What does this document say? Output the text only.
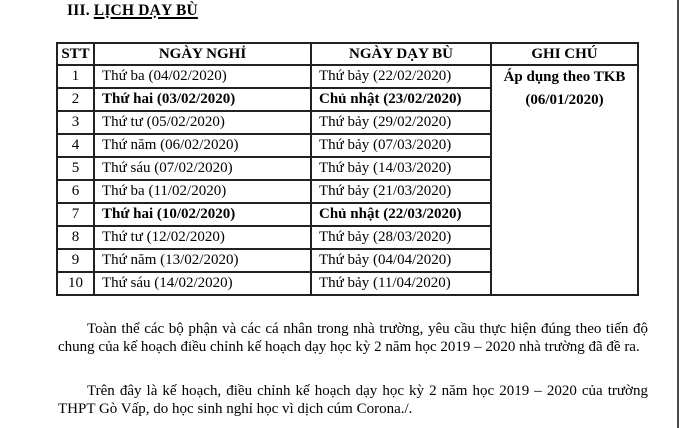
III. LỊCH DẠY BÙ
STT	NGÀY NGHỈ	NGÀY DẠY BÙ	GHI CHÚ
1	Thứ ba (04/02/2020)	Thứ bảy (22/02/2020)	Áp dụng theo TKB
(06/01/2020)

2	Thứ hai (03/02/2020)	Chủ nhật (23/02/2020)	
3	Thứ tư (05/02/2020)	Thứ bảy (29/02/2020)	
4	Thứ năm (06/02/2020)	Thứ bảy (07/03/2020)	
5	Thứ sáu (07/02/2020)	Thứ bảy (14/03/2020)	
6	Thứ ba (11/02/2020)	Thứ bảy (21/03/2020)	
7	Thứ hai (10/02/2020)	Chủ nhật (22/03/2020)	
8	Thứ tư (12/02/2020)	Thứ bảy (28/03/2020)	
9	Thứ năm (13/02/2020)	Thứ bảy (04/04/2020)	
10	Thứ sáu (14/02/2020)	Thứ bảy (11/04/2020)	

Toàn thể các bộ phận và các cá nhân trong nhà trường, yêu cầu thực hiện đúng theo tiến độ chung của kế hoạch điều chỉnh kế hoạch dạy học kỳ 2 năm học 2019 – 2020 nhà trường đã đề ra.

Trên đây là kế hoạch, điều chỉnh kế hoạch dạy học kỳ 2 năm học 2019 – 2020 của trường THPT Gò Vấp, do học sinh nghỉ học vì dịch cúm Corona./.
